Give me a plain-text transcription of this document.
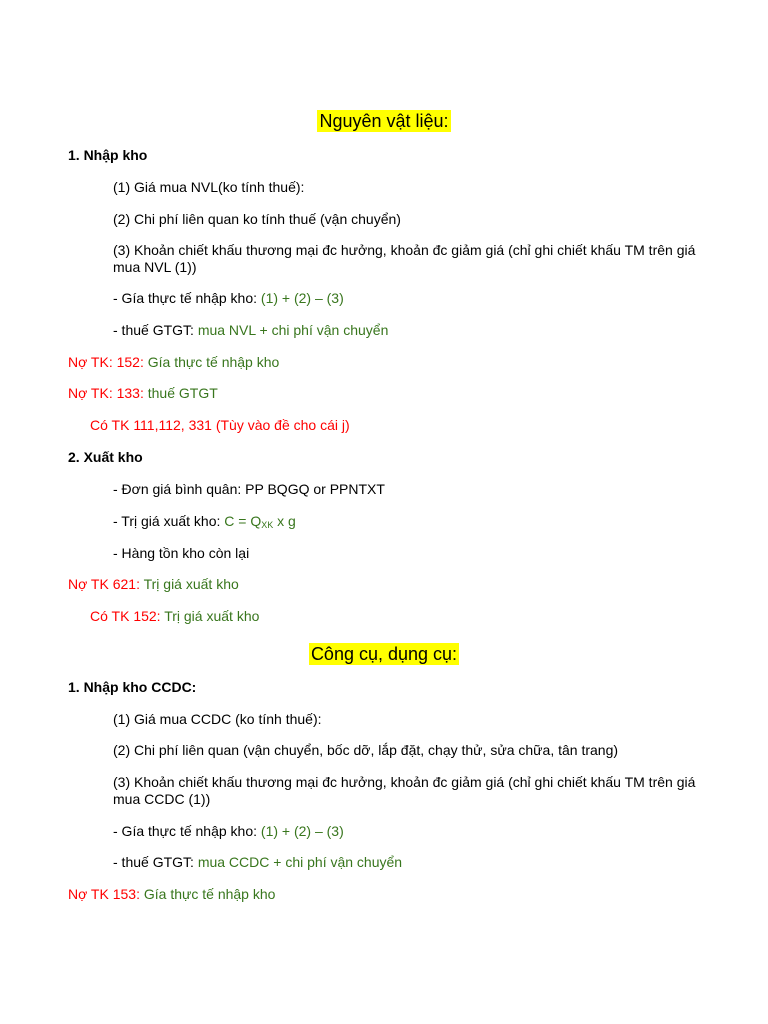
Nguyên vật liệu:
1. Nhập kho
(1) Giá mua NVL(ko tính thuế):
(2) Chi phí liên quan ko tính thuế (vận chuyển)
(3) Khoản chiết khấu thương mại đc hưởng, khoản đc giảm giá (chỉ ghi chiết khấu TM trên giá mua NVL (1))
- Gía thực tế nhập kho: (1) + (2) – (3)
- thuế GTGT: mua NVL + chi phí vận chuyển
Nợ TK: 152: Gía thực tế nhập kho
Nợ TK: 133: thuế GTGT
Có TK 111,112, 331 (Tùy vào đề cho cái j)
2. Xuất kho
- Đơn giá bình quân: PP BQGQ or PPNTXT
- Trị giá xuất kho: $C = Q_{XK}$ x g
- Hàng tồn kho còn lại
Nợ TK 621: Trị giá xuất kho
Có TK 152: Trị giá xuất kho
Công cụ, dụng cụ:
1. Nhập kho CCDC:
(1) Giá mua CCDC (ko tính thuế):
(2) Chi phí liên quan (vận chuyển, bốc dỡ, lắp đặt, chạy thử, sửa chữa, tân trang)
(3) Khoản chiết khấu thương mại đc hưởng, khoản đc giảm giá (chỉ ghi chiết khấu TM trên giá mua CCDC (1))
- Gía thực tế nhập kho: (1) + (2) – (3)
- thuế GTGT: mua CCDC + chi phí vận chuyển
Nợ TK 153: Gía thực tế nhập kho
